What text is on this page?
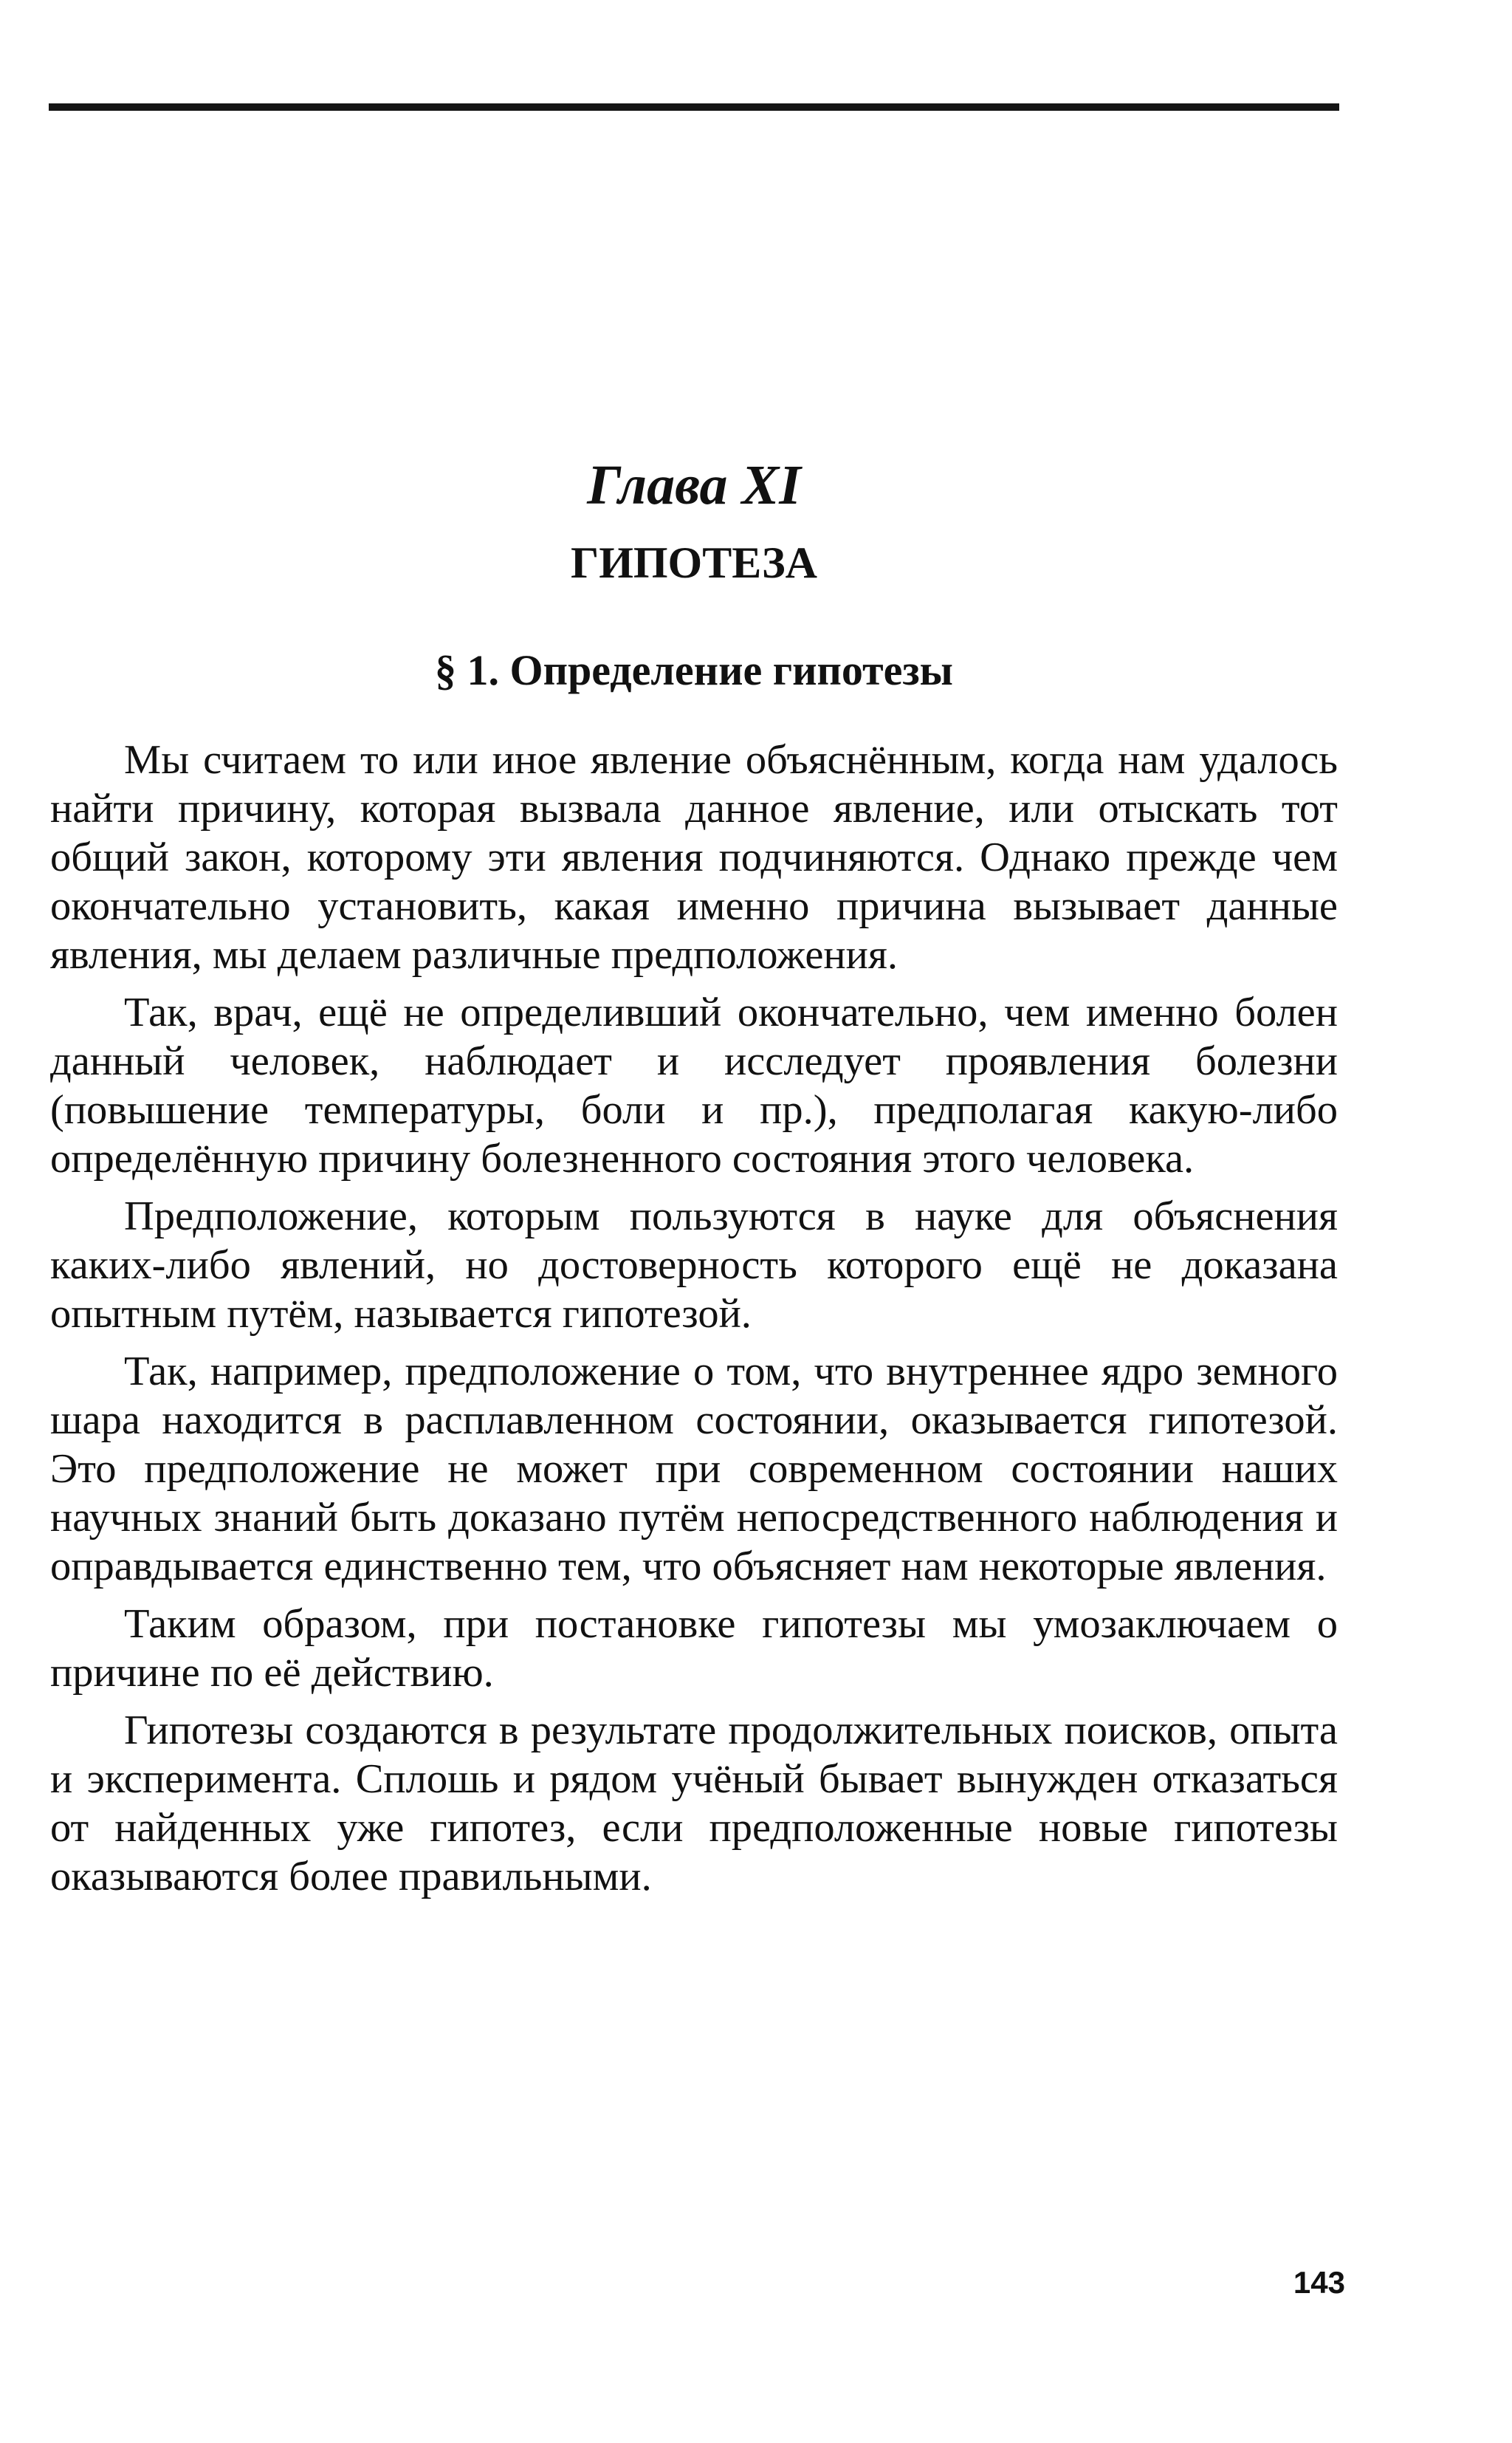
Глава XI
ГИПОТЕЗА
§ 1. Определение гипотезы

Мы считаем то или иное явление объяснённым, когда нам удалось найти причину, которая вызвала данное явление, или отыскать тот общий закон, которому эти явления подчиняются. Однако прежде чем окончательно установить, какая именно причина вызывает данные явления, мы делаем различные предположения.

Так, врач, ещё не определивший окончательно, чем именно болен данный человек, наблюдает и исследует проявления болезни (повышение температуры, боли и пр.), предполагая какую-либо определённую причину болезненного состояния этого человека.

Предположение, которым пользуются в науке для объяснения каких-либо явлений, но достоверность которого ещё не доказана опытным путём, называется гипотезой.

Так, например, предположение о том, что внутреннее ядро земного шара находится в расплавленном состоянии, оказывается гипотезой. Это предположение не может при современном состоянии наших научных знаний быть доказано путём непосредственного наблюдения и оправдывается единственно тем, что объясняет нам некоторые явления.

Таким образом, при постановке гипотезы мы умозаключаем о причине по её действию.

Гипотезы создаются в результате продолжительных поисков, опыта и эксперимента. Сплошь и рядом учёный бывает вынужден отказаться от найденных уже гипотез, если предположенные новые гипотезы оказываются более правильными.

143
